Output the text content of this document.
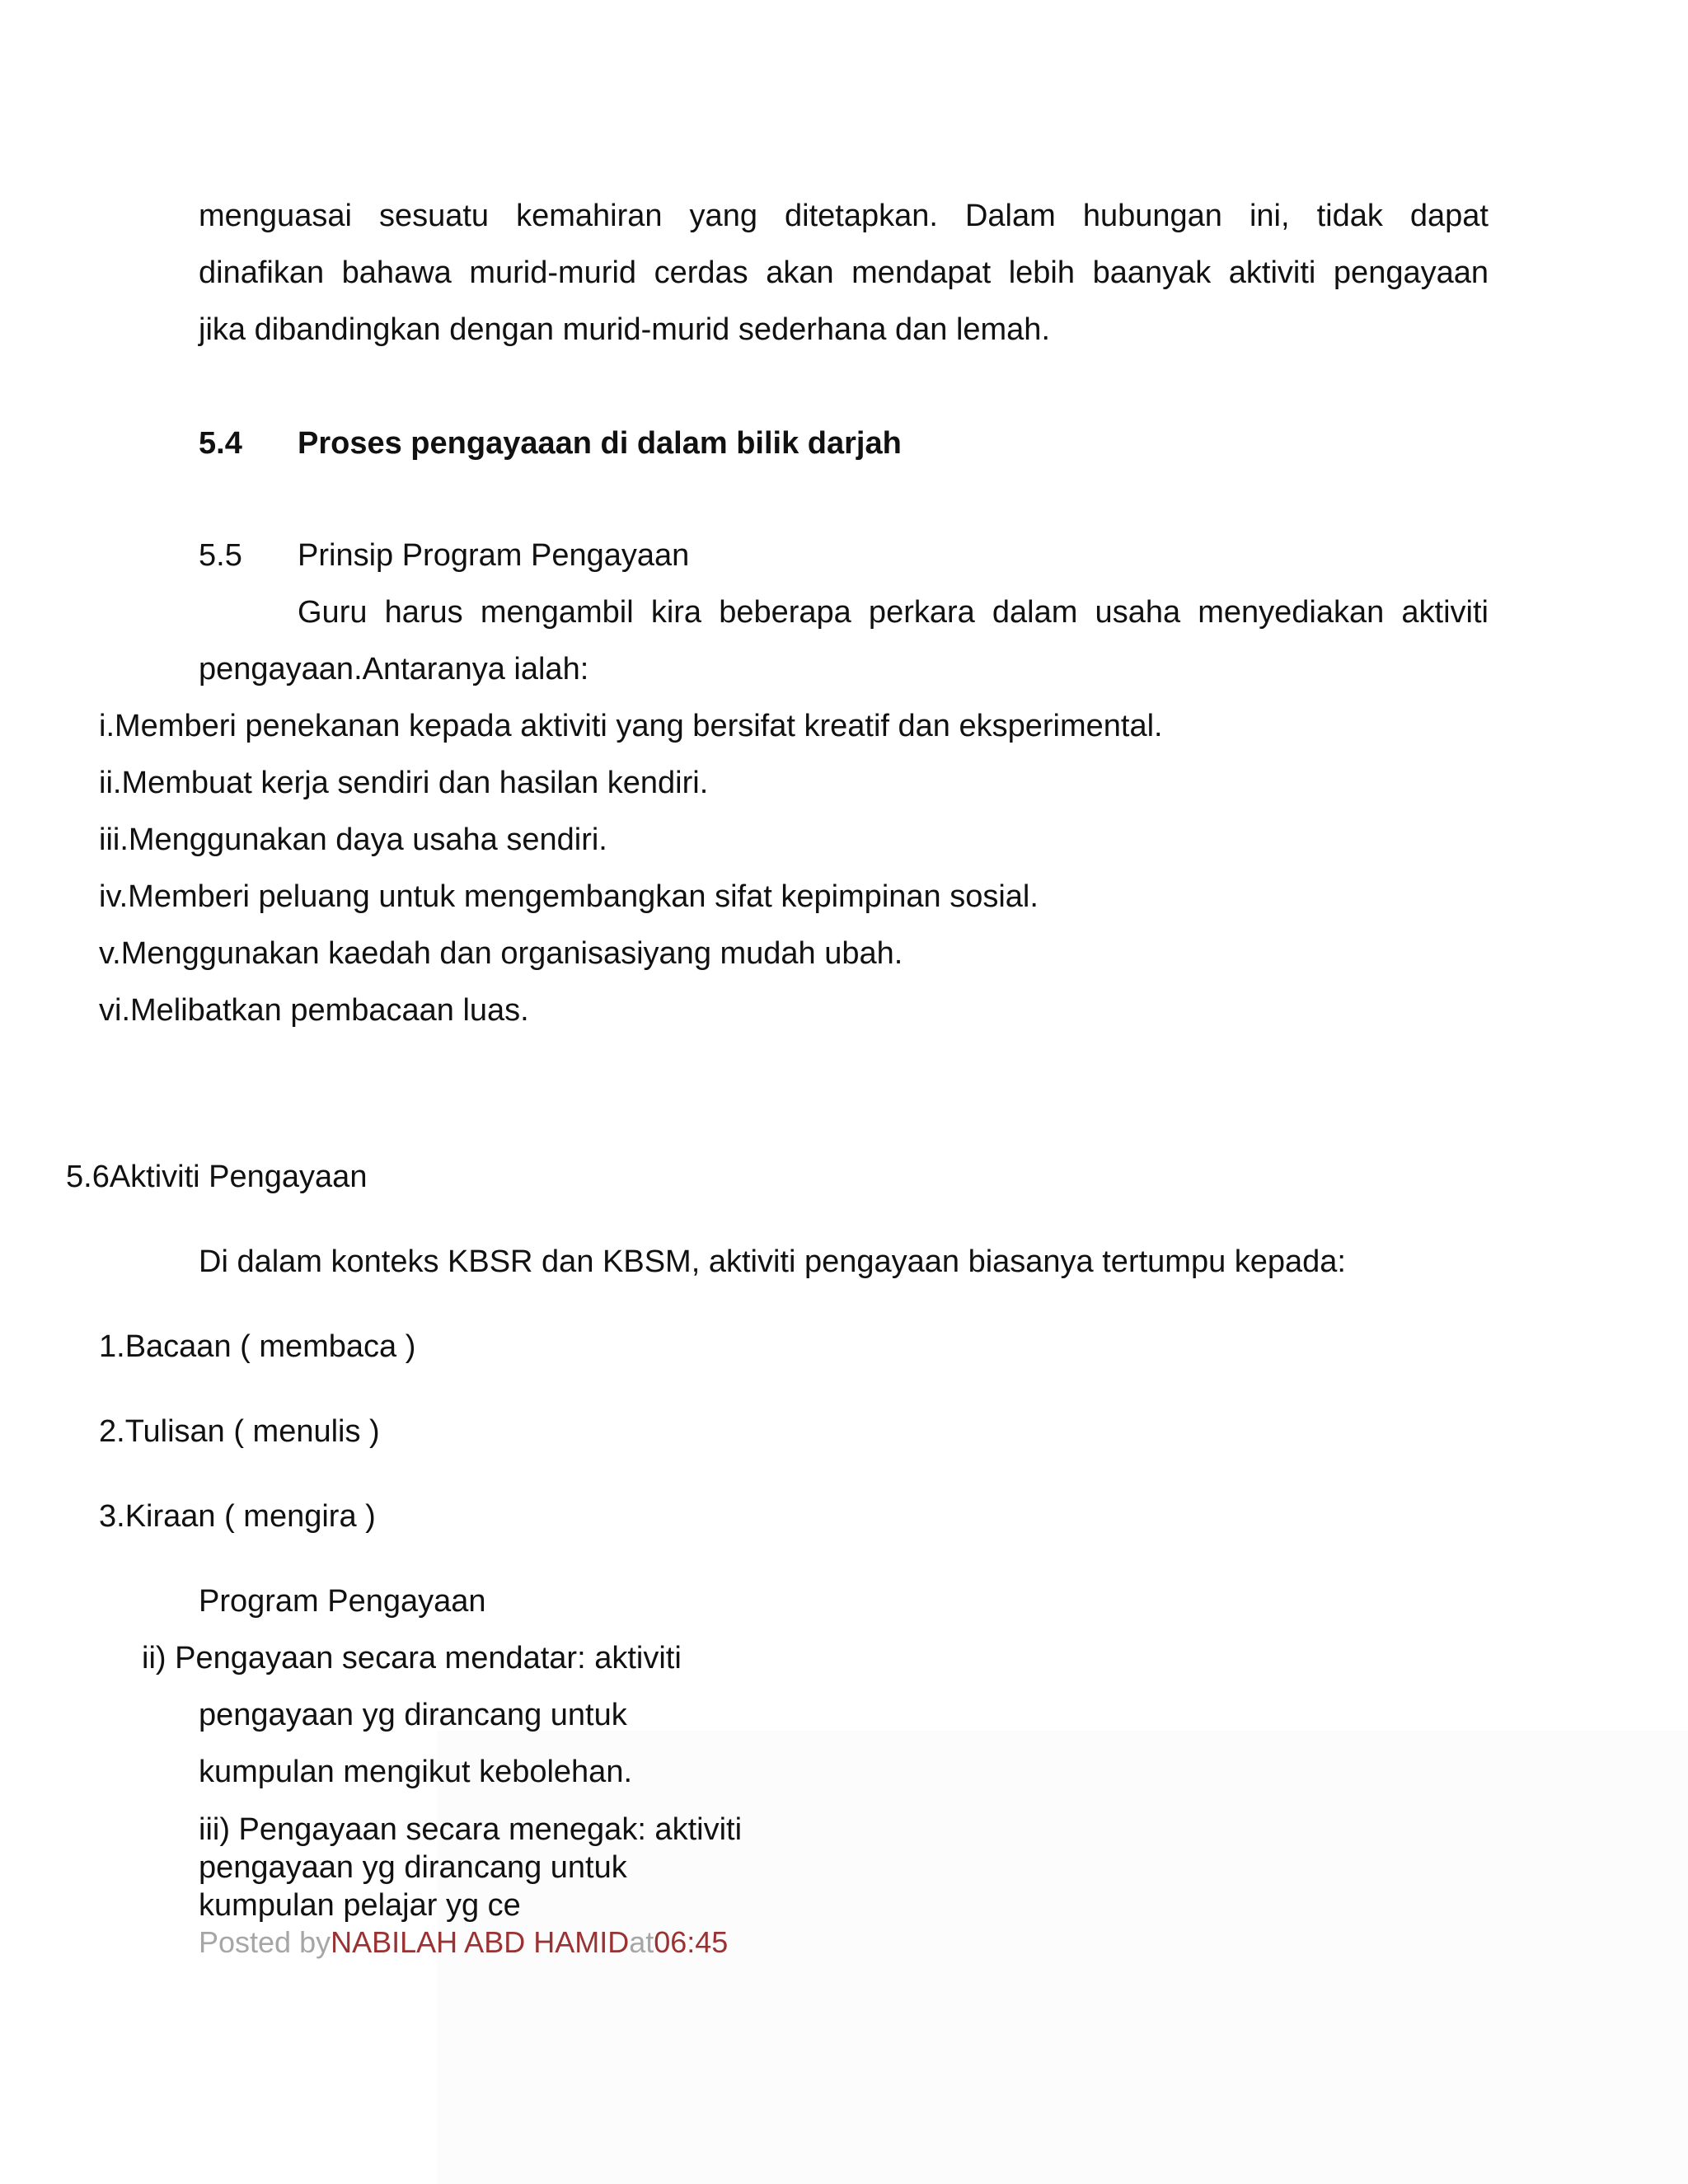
menguasai sesuatu kemahiran yang ditetapkan. Dalam hubungan ini, tidak dapat

dinafikan bahawa murid-murid cerdas akan mendapat lebih baanyak aktiviti pengayaan

jika dibandingkan dengan murid-murid sederhana dan lemah.

5.4 Proses pengayaaan di dalam bilik darjah

5.5 Prinsip Program Pengayaan

Guru harus mengambil kira beberapa perkara dalam usaha menyediakan aktiviti

pengayaan.Antaranya ialah:

i.Memberi penekanan kepada aktiviti yang bersifat kreatif dan eksperimental.

ii.Membuat kerja sendiri dan hasilan kendiri.

iii.Menggunakan daya usaha sendiri.

iv.Memberi peluang untuk mengembangkan sifat kepimpinan sosial.

v.Menggunakan kaedah dan organisasiyang mudah ubah.

vi.Melibatkan pembacaan luas.

5.6Aktiviti Pengayaan

Di dalam konteks KBSR dan KBSM, aktiviti pengayaan biasanya tertumpu kepada:

1.Bacaan ( membaca )

2.Tulisan ( menulis )

3.Kiraan ( mengira )

Program Pengayaan

ii) Pengayaan secara mendatar: aktiviti

pengayaan yg dirancang untuk

kumpulan mengikut kebolehan.

iii) Pengayaan secara menegak: aktiviti

pengayaan yg dirancang untuk

kumpulan pelajar yg ce

Posted byNABILAH ABD HAMIDat06:45
